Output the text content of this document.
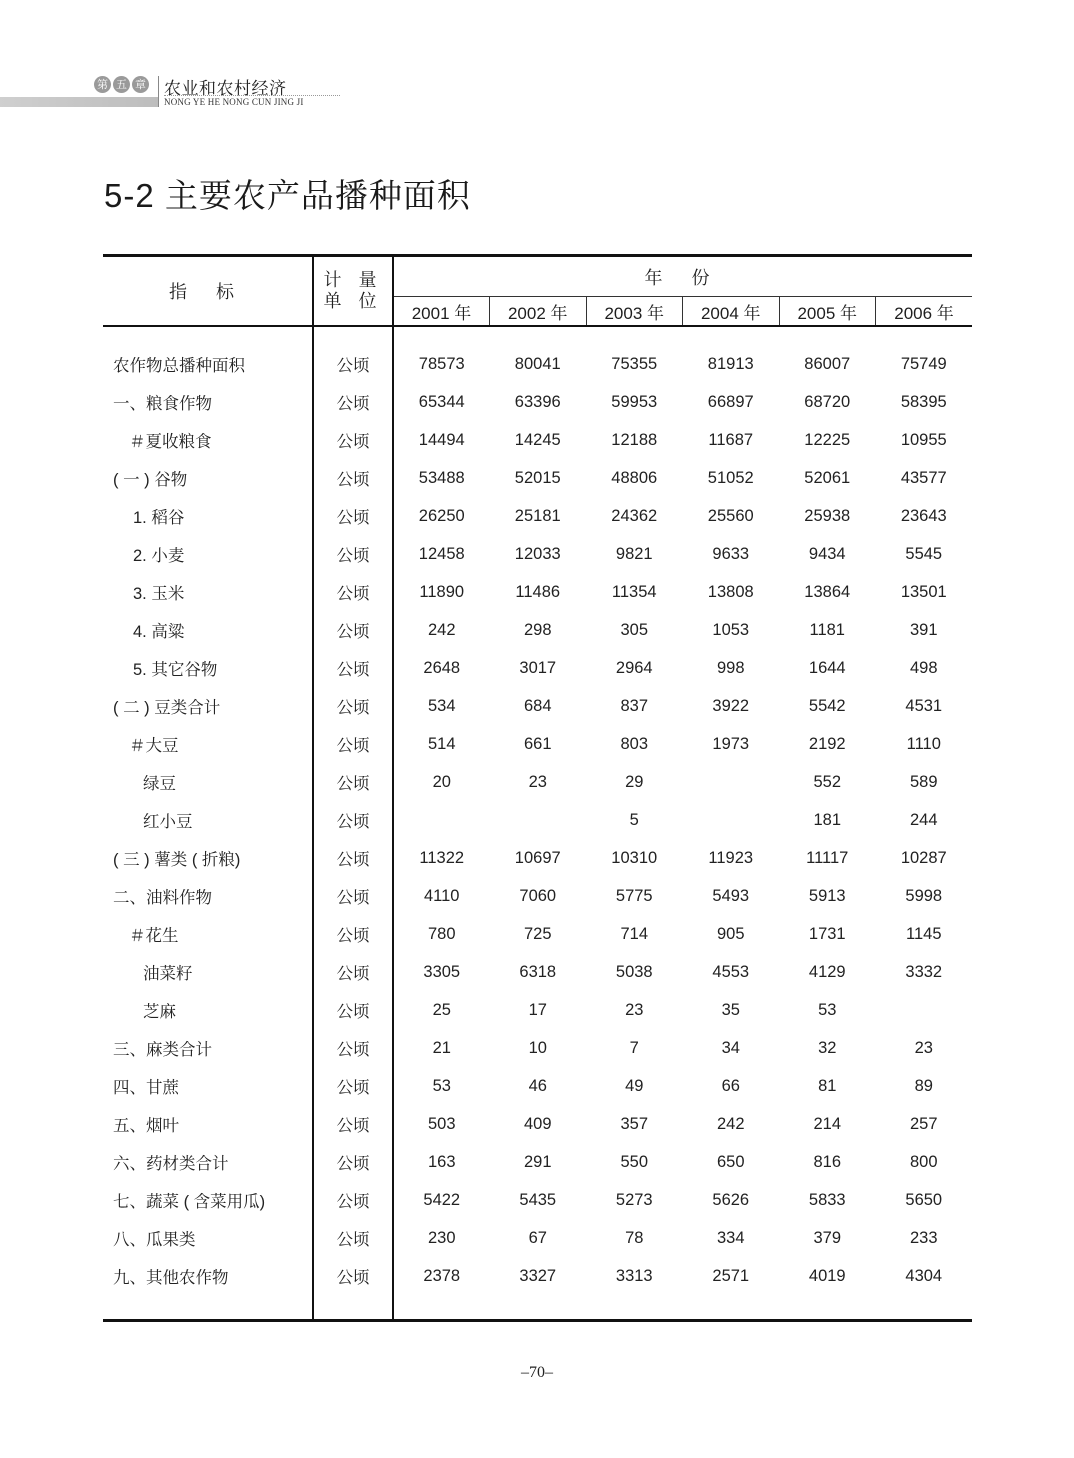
第 五 章 农业和农村经济
NONG YE HE NONG CUN JING JI
5-2 主要农产品播种面积
指 标	计 量
单 位	年 份					
		2001 年	2002 年	2003 年	2004 年	2005 年	2006 年

农作物总播种面积	公顷	78573	80041	75355	81913	86007	75749
一、粮食作物	公顷	65344	63396	59953	66897	68720	58395
＃夏收粮食	公顷	14494	14245	12188	11687	12225	10955
( 一 ) 谷物	公顷	53488	52015	48806	51052	52061	43577
1. 稻谷	公顷	26250	25181	24362	25560	25938	23643
2. 小麦	公顷	12458	12033	9821	9633	9434	5545
3. 玉米	公顷	11890	11486	11354	13808	13864	13501
4. 高粱	公顷	242	298	305	1053	1181	391
5. 其它谷物	公顷	2648	3017	2964	998	1644	498
( 二 ) 豆类合计	公顷	534	684	837	3922	5542	4531
＃大豆	公顷	514	661	803	1973	2192	1110
绿豆	公顷	20	23	29		552	589
红小豆	公顷			5		181	244
( 三 ) 薯类 ( 折粮)	公顷	11322	10697	10310	11923	11117	10287
二、油料作物	公顷	4110	7060	5775	5493	5913	5998
＃花生	公顷	780	725	714	905	1731	1145
油菜籽	公顷	3305	6318	5038	4553	4129	3332
芝麻	公顷	25	17	23	35	53	
三、麻类合计	公顷	21	10	7	34	32	23
四、甘蔗	公顷	53	46	49	66	81	89
五、烟叶	公顷	503	409	357	242	214	257
六、药材类合计	公顷	163	291	550	650	816	800
七、蔬菜 ( 含菜用瓜)	公顷	5422	5435	5273	5626	5833	5650
八、瓜果类	公顷	230	67	78	334	379	233
九、其他农作物	公顷	2378	3327	3313	2571	4019	4304

–70–
